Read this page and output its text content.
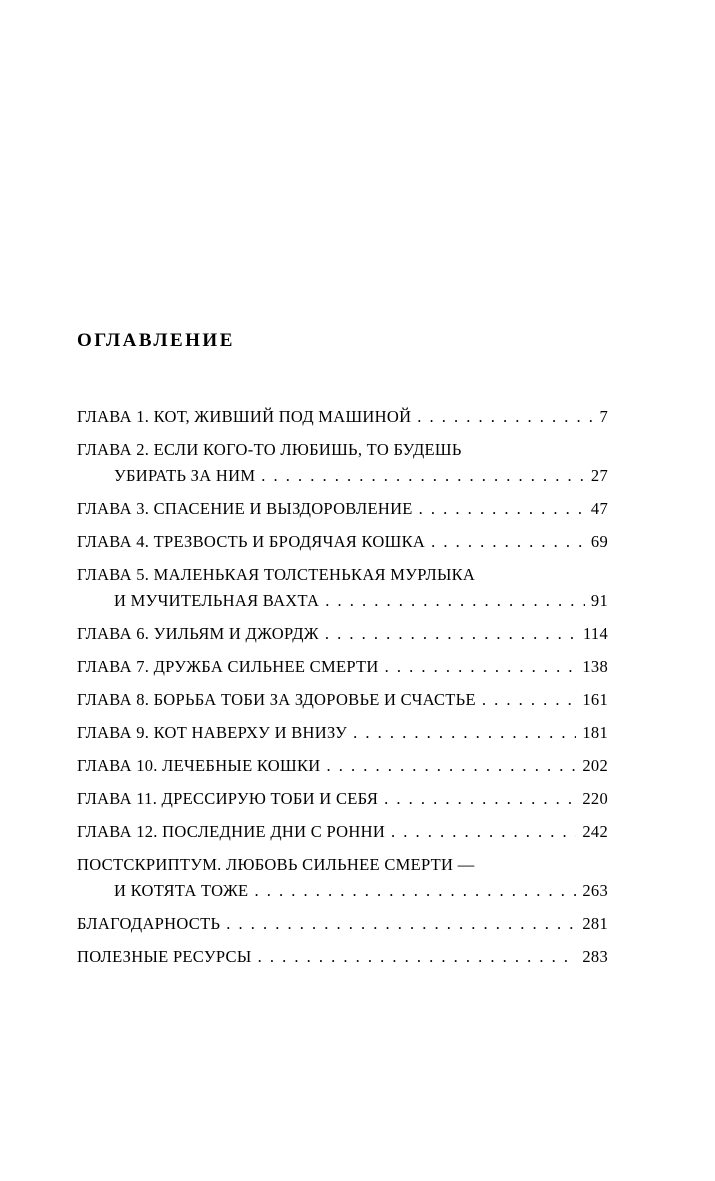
ОГЛАВЛЕНИЕ
ГЛАВА 1. КОТ, ЖИВШИЙ ПОД МАШИНОЙ . . .	7
ГЛАВА 2. ЕСЛИ КОГО-ТО ЛЮБИШЬ, ТО БУДЕШЬ
УБИРАТЬ ЗА НИМ . . .	27
ГЛАВА 3. СПАСЕНИЕ И ВЫЗДОРОВЛЕНИЕ . . .	47
ГЛАВА 4. ТРЕЗВОСТЬ И БРОДЯЧАЯ КОШКА . . .	69
ГЛАВА 5. МАЛЕНЬКАЯ ТОЛСТЕНЬКАЯ МУРЛЫКА
И МУЧИТЕЛЬНАЯ ВАХТА . . .	91
ГЛАВА 6. УИЛЬЯМ И ДЖОРДЖ . . .	114
ГЛАВА 7. ДРУЖБА СИЛЬНЕЕ СМЕРТИ . . .	138
ГЛАВА 8. БОРЬБА ТОБИ ЗА ЗДОРОВЬЕ И СЧАСТЬЕ . . .	161
ГЛАВА 9. КОТ НАВЕРХУ И ВНИЗУ . . .	181
ГЛАВА 10. ЛЕЧЕБНЫЕ КОШКИ . . .	202
ГЛАВА 11. ДРЕССИРУЮ ТОБИ И СЕБЯ . . .	220
ГЛАВА 12. ПОСЛЕДНИЕ ДНИ С РОННИ . . .	242
ПОСТСКРИПТУМ. ЛЮБОВЬ СИЛЬНЕЕ СМЕРТИ —
И КОТЯТА ТОЖЕ . . .	263
БЛАГОДАРНОСТЬ . . .	281
ПОЛЕЗНЫЕ РЕСУРСЫ . . .	283
